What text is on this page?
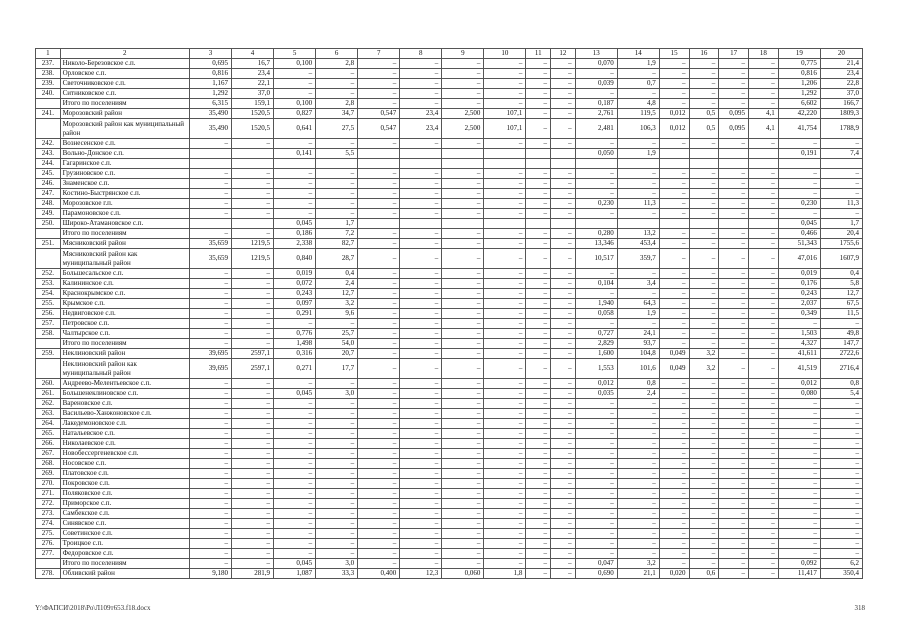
1	2	3	4	5	6	7	8	9	10	11	12	13	14	15	16	17	18	19	20
237.	Николо-Березовское с.п.	0,695	16,7	0,100	2,8	–	–	–	–	–	–	0,070	1,9	–	–	–	–	0,775	21,4
238.	Орловское с.п.	0,816	23,4	–	–	–	–	–	–	–	–	–	–	–	–	–	–	0,816	23,4
239.	Светочниковское с.п.	1,167	22,1	–	–	–	–	–	–	–	–	0,039	0,7	–	–	–	–	1,206	22,8
240.	Ситниковское с.п.	1,292	37,0	–	–	–	–	–	–	–	–	–	–	–	–	–	–	1,292	37,0
	Итого по поселениям	6,315	159,1	0,100	2,8	–	–	–	–	–	–	0,187	4,8	–	–	–	–	6,602	166,7
241.	Морозовский район	35,490	1520,5	0,827	34,7	0,547	23,4	2,500	107,1	–	–	2,761	119,5	0,012	0,5	0,095	4,1	42,220	1809,3
	Морозовский район как муниципальный район	35,490	1520,5	0,641	27,5	0,547	23,4	2,500	107,1	–	–	2,481	106,3	0,012	0,5	0,095	4,1	41,754	1788,9
242.	Вознесенское с.п.	–	–	–	–	–	–	–	–	–	–	–	–	–	–	–	–	–	–
243.	Вольно-Донское с.п.			0,141	5,5							0,050	1,9					0,191	7,4
244.	Гагаринское с.п.																		
245.	Грузиновское с.п.	–	–	–	–	–	–	–	–	–	–	–	–	–	–	–	–	–	–
246.	Знаменское с.п.	–	–	–	–	–	–	–	–	–	–	–	–	–	–	–	–	–	–
247.	Костино-Быстрянское с.п.	–	–	–	–	–	–	–	–	–	–	–	–	–	–	–	–	–	–
248.	Морозовское г.п.	–	–	–	–	–	–	–	–	–	–	0,230	11,3	–	–	–	–	0,230	11,3
249.	Парамоновское с.п.	–	–	–	–	–	–	–	–	–	–	–	–	–	–	–	–	–	–
250.	Широко-Атамановское с.п.			0,045	1,7													0,045	1,7
	Итого по поселениям	–	–	0,186	7,2	–	–	–	–	–	–	0,280	13,2	–	–	–	–	0,466	20,4
251.	Мясниковский район	35,659	1219,5	2,338	82,7	–	–	–	–	–	–	13,346	453,4	–	–	–	–	51,343	1755,6
	Мясниковский район как муниципальный район	35,659	1219,5	0,840	28,7	–	–	–	–	–	–	10,517	359,7	–	–	–	–	47,016	1607,9
252.	Большесальское с.п.	–	–	0,019	0,4	–	–	–	–	–	–	–	–	–	–	–	–	0,019	0,4
253.	Калининское с.п.	–	–	0,072	2,4	–	–	–	–	–	–	0,104	3,4	–	–	–	–	0,176	5,8
254.	Краснокрымское с.п.	–	–	0,243	12,7	–	–	–	–	–	–	–	–	–	–	–	–	0,243	12,7
255.	Крымское с.п.	–	–	0,097	3,2	–	–	–	–	–	–	1,940	64,3	–	–	–	–	2,037	67,5
256.	Недвиговское с.п.	–	–	0,291	9,6	–	–	–	–	–	–	0,058	1,9	–	–	–	–	0,349	11,5
257.	Петровское с.п.	–	–	–	–	–	–	–	–	–	–	–	–	–	–	–	–	–	–
258.	Чалтырское с.п.	–	–	0,776	25,7	–	–	–	–	–	–	0,727	24,1	–	–	–	–	1,503	49,8
	Итого по поселениям	–	–	1,498	54,0	–	–	–	–	–	–	2,829	93,7	–	–	–	–	4,327	147,7
259.	Неклиновский район	39,695	2597,1	0,316	20,7	–	–	–	–	–	–	1,600	104,8	0,049	3,2	–	–	41,611	2722,6
	Неклиновский район как муниципальный район	39,695	2597,1	0,271	17,7	–	–	–	–	–	–	1,553	101,6	0,049	3,2	–	–	41,519	2716,4
260.	Андреево-Мелентьевское с.п.	–	–	–	–	–	–	–	–	–	–	0,012	0,8	–	–	–	–	0,012	0,8
261.	Большенеклиновское с.п.	–	–	0,045	3,0	–	–	–	–	–	–	0,035	2,4	–	–	–	–	0,080	5,4
262.	Вареновское с.п.	–	–	–	–	–	–	–	–	–	–	–	–	–	–	–	–	–	–
263.	Васильево-Ханжоновское с.п.	–	–	–	–	–	–	–	–	–	–	–	–	–	–	–	–	–	–
264.	Лакедемоновское с.п.	–	–	–	–	–	–	–	–	–	–	–	–	–	–	–	–	–	–
265.	Натальевское с.п.	–	–	–	–	–	–	–	–	–	–	–	–	–	–	–	–	–	–
266.	Николаевское с.п.	–	–	–	–	–	–	–	–	–	–	–	–	–	–	–	–	–	–
267.	Новобессергеневское с.п.	–	–	–	–	–	–	–	–	–	–	–	–	–	–	–	–	–	–
268.	Носовское с.п.	–	–	–	–	–	–	–	–	–	–	–	–	–	–	–	–	–	–
269.	Платовское с.п.	–	–	–	–	–	–	–	–	–	–	–	–	–	–	–	–	–	–
270.	Покровское с.п.	–	–	–	–	–	–	–	–	–	–	–	–	–	–	–	–	–	–
271.	Поляковское с.п.	–	–	–	–	–	–	–	–	–	–	–	–	–	–	–	–	–	–
272.	Приморское с.п.	–	–	–	–	–	–	–	–	–	–	–	–	–	–	–	–	–	–
273.	Самбекское с.п.	–	–	–	–	–	–	–	–	–	–	–	–	–	–	–	–	–	–
274.	Синявское с.п.	–	–	–	–	–	–	–	–	–	–	–	–	–	–	–	–	–	–
275.	Советинское с.п.	–	–	–	–	–	–	–	–	–	–	–	–	–	–	–	–	–	–
276.	Троицкое с.п.	–	–	–	–	–	–	–	–	–	–	–	–	–	–	–	–	–	–
277.	Федоровское с.п.	–	–	–	–	–	–	–	–	–	–	–	–	–	–	–	–	–	–
	Итого по поселениям	–	–	0,045	3,0	–	–	–	–	–	–	0,047	3,2	–	–	–	–	0,092	6,2
278.	Обливский район	9,180	281,9	1,087	33,3	0,400	12,3	0,060	1,8	–	–	0,690	21,1	0,020	0,6	–	–	11,417	350,4
Y:\ФАПСИ\2018\Ро\Л109т653.f18.docx	318
